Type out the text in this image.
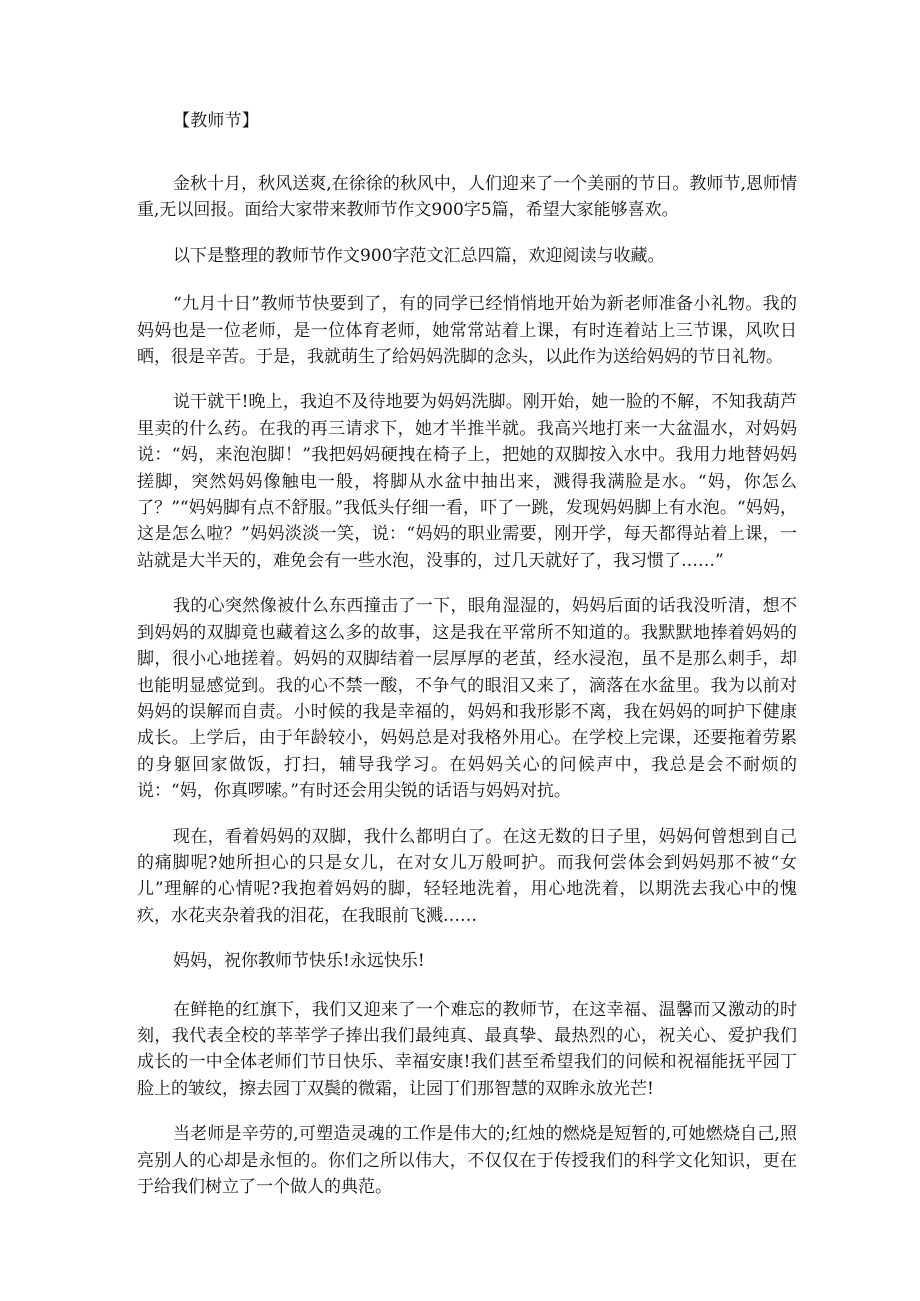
【教师节】

金秋十月，秋风送爽,在徐徐的秋风中，人们迎来了一个美丽的节日。教师节,恩师情重,无以回报。面给大家带来教师节作文900字5篇，希望大家能够喜欢。

以下是整理的教师节作文900字范文汇总四篇，欢迎阅读与收藏。

“九月十日”教师节快要到了，有的同学已经悄悄地开始为新老师准备小礼物。我的妈妈也是一位老师，是一位体育老师，她常常站着上课，有时连着站上三节课，风吹日晒，很是辛苦。于是，我就萌生了给妈妈洗脚的念头，以此作为送给妈妈的节日礼物。

说干就干!晚上，我迫不及待地要为妈妈洗脚。刚开始，她一脸的不解，不知我葫芦里卖的什么药。在我的再三请求下，她才半推半就。我高兴地打来一大盆温水，对妈妈说：“妈，来泡泡脚！”我把妈妈硬拽在椅子上，把她的双脚按入水中。我用力地替妈妈搓脚，突然妈妈像触电一般，将脚从水盆中抽出来，溅得我满脸是水。“妈，你怎么了？”“妈妈脚有点不舒服。”我低头仔细一看，吓了一跳，发现妈妈脚上有水泡。“妈妈，这是怎么啦？”妈妈淡淡一笑，说：“妈妈的职业需要，刚开学，每天都得站着上课，一站就是大半天的，难免会有一些水泡，没事的，过几天就好了，我习惯了……”

我的心突然像被什么东西撞击了一下，眼角湿湿的，妈妈后面的话我没听清，想不到妈妈的双脚竟也藏着这么多的故事，这是我在平常所不知道的。我默默地捧着妈妈的脚，很小心地搓着。妈妈的双脚结着一层厚厚的老茧，经水浸泡，虽不是那么刺手，却也能明显感觉到。我的心不禁一酸，不争气的眼泪又来了，滴落在水盆里。我为以前对妈妈的误解而自责。小时候的我是幸福的，妈妈和我形影不离，我在妈妈的呵护下健康成长。上学后，由于年龄较小，妈妈总是对我格外用心。在学校上完课，还要拖着劳累的身躯回家做饭，打扫，辅导我学习。在妈妈关心的问候声中，我总是会不耐烦的说：“妈，你真啰嗦。”有时还会用尖锐的话语与妈妈对抗。

现在，看着妈妈的双脚，我什么都明白了。在这无数的日子里，妈妈何曾想到自己的痛脚呢?她所担心的只是女儿，在对女儿万般呵护。而我何尝体会到妈妈那不被“女儿”理解的心情呢?我抱着妈妈的脚，轻轻地洗着，用心地洗着，以期洗去我心中的愧疚，水花夹杂着我的泪花，在我眼前飞溅……

妈妈，祝你教师节快乐!永远快乐!

在鲜艳的红旗下，我们又迎来了一个难忘的教师节，在这幸福、温馨而又激动的时刻，我代表全校的莘莘学子捧出我们最纯真、最真挚、最热烈的心，祝关心、爱护我们成长的一中全体老师们节日快乐、幸福安康!我们甚至希望我们的问候和祝福能抚平园丁脸上的皱纹，擦去园丁双鬓的微霜，让园丁们那智慧的双眸永放光芒!

当老师是辛劳的,可塑造灵魂的工作是伟大的;红烛的燃烧是短暂的,可她燃烧自己,照亮别人的心却是永恒的。你们之所以伟大，不仅仅在于传授我们的科学文化知识，更在于给我们树立了一个做人的典范。
